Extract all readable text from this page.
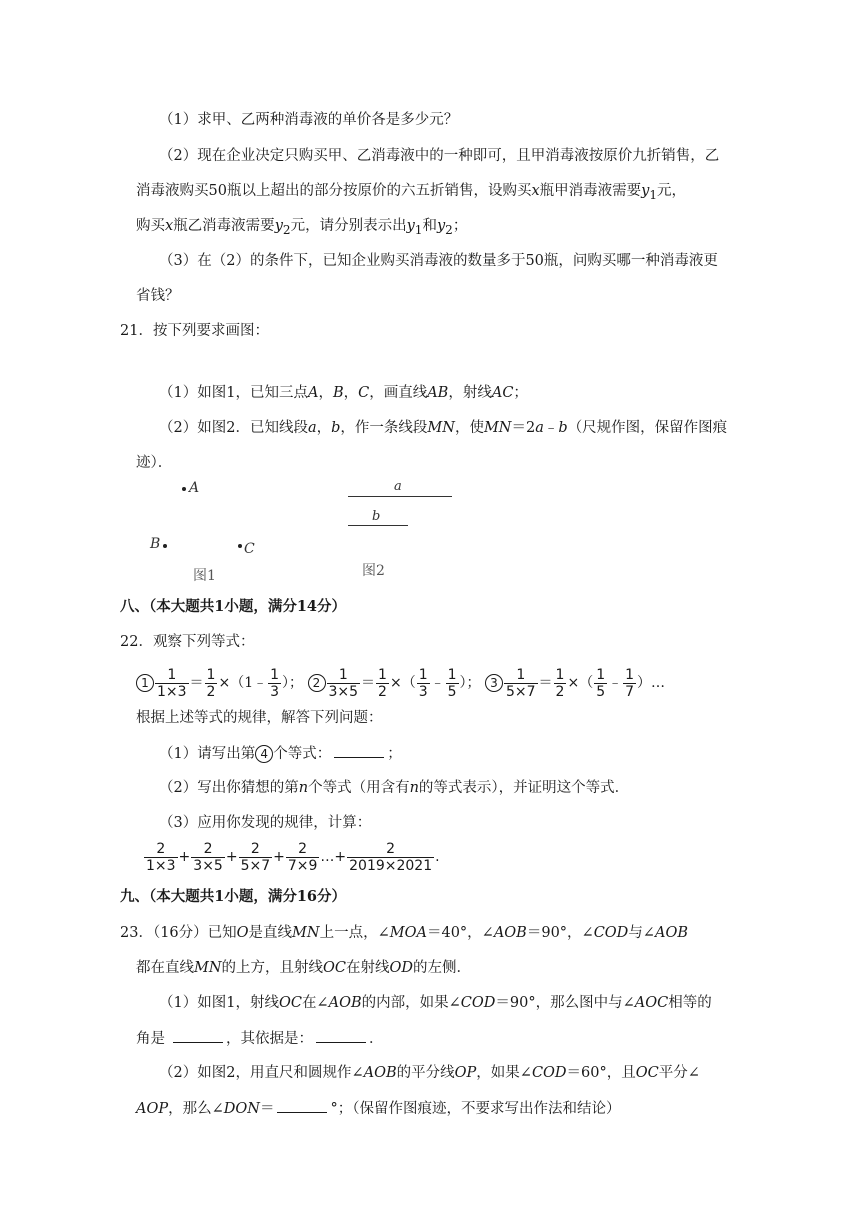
（1）求甲、乙两种消毒液的单价各是多少元？
（2）现在企业决定只购买甲、乙消毒液中的一种即可，且甲消毒液按原价九折销售，乙
消毒液购买50瓶以上超出的部分按原价的六五折销售，设购买x瓶甲消毒液需要$y_1$元，
购买x瓶乙消毒液需要$y_2$元，请分别表示出$y_1$和$y_2$；
（3）在（2）的条件下，已知企业购买消毒液的数量多于50瓶，问购买哪一种消毒液更
省钱？
21．按下列要求画图：
（1）如图1，已知三点A，B，C，画直线AB，射线AC；
（2）如图2．已知线段a，b，作一条线段MN，使MN＝2a﹣b（尺规作图，保留作图痕
迹）．
A
B	C
图1
a
b
图2
八、（本大题共1小题，满分14分）
22．观察下列等式：
$1 \frac{1}{1\times 3} = \frac{1}{2}$ ×（1﹣ $\frac{1}{3}$ ）； $2 \frac{1}{3\times 5} = \frac{1}{2}$ ×（ $\frac{1}{3}$ ﹣ $\frac{1}{5}$ ）； $3 \frac{1}{5\times 7} = \frac{1}{2}$ ×（ $\frac{1}{5}$ ﹣ $\frac{1}{7}$ ）…
根据上述等式的规律，解答下列问题：
（1）请写出第 4 个等式：	；
（2）写出你猜想的第n个等式（用含有n的等式表示），并证明这个等式．
（3）应用你发现的规律，计算：
$\frac{2}{1\times 3} + \frac{2}{3\times 5} + \frac{2}{5\times 7} + \frac{2}{7\times 9}$ …+ $\frac{2}{2019\times 2021}$ .
九、（本大题共1小题，满分16分）
23．（16分）已知O是直线MN上一点，∠MOA＝40°，∠AOB＝90°，∠COD与∠AOB
都在直线MN的上方，且射线OC在射线OD的左侧．
（1）如图1，射线OC在∠AOB的内部，如果∠COD＝90°，那么图中与∠AOC相等的
角是	，其依据是：	．
（2）如图2，用直尺和圆规作∠AOB的平分线OP，如果∠COD＝60°，且OC平分∠
AOP，那么∠DON＝	°；（保留作图痕迹，不要求写出作法和结论）
